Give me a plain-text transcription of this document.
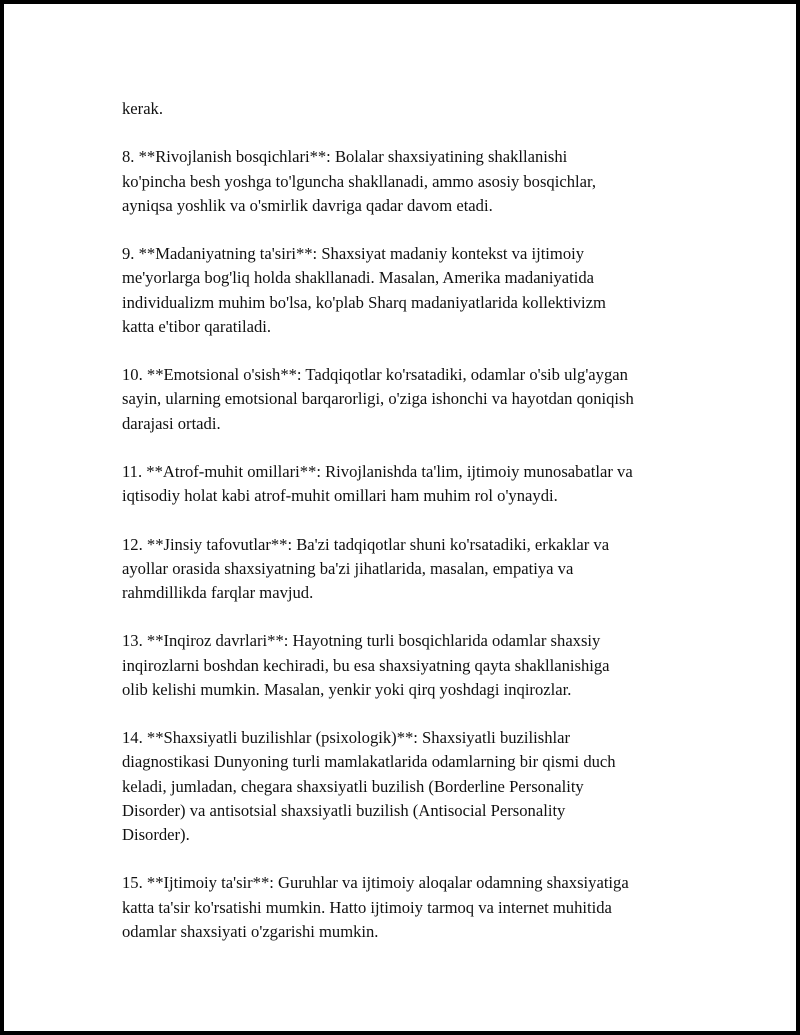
kerak.

8. **Rivojlanish bosqichlari**: Bolalar shaxsiyatining shakllanishi
ko'pincha besh yoshga to'lguncha shakllanadi, ammo asosiy bosqichlar,
ayniqsa yoshlik va o'smirlik davriga qadar davom etadi.

9. **Madaniyatning ta'siri**: Shaxsiyat madaniy kontekst va ijtimoiy
me'yorlarga bog'liq holda shakllanadi. Masalan, Amerika madaniyatida
individualizm muhim bo'lsa, ko'plab Sharq madaniyatlarida kollektivizm
katta e'tibor qaratiladi.

10. **Emotsional o'sish**: Tadqiqotlar ko'rsatadiki, odamlar o'sib ulg'aygan
sayin, ularning emotsional barqarorligi, o'ziga ishonchi va hayotdan qoniqish
darajasi ortadi.

11. **Atrof-muhit omillari**: Rivojlanishda ta'lim, ijtimoiy munosabatlar va
iqtisodiy holat kabi atrof-muhit omillari ham muhim rol o'ynaydi.

12. **Jinsiy tafovutlar**: Ba'zi tadqiqotlar shuni ko'rsatadiki, erkaklar va
ayollar orasida shaxsiyatning ba'zi jihatlarida, masalan, empatiya va
rahmdillikda farqlar mavjud.

13. **Inqiroz davrlari**: Hayotning turli bosqichlarida odamlar shaxsiy
inqirozlarni boshdan kechiradi, bu esa shaxsiyatning qayta shakllanishiga
olib kelishi mumkin. Masalan, yenkir yoki qirq yoshdagi inqirozlar.

14. **Shaxsiyatli buzilishlar (psixologik)**: Shaxsiyatli buzilishlar
diagnostikasi Dunyoning turli mamlakatlarida odamlarning bir qismi duch
keladi, jumladan, chegara shaxsiyatli buzilish (Borderline Personality
Disorder) va antisotsial shaxsiyatli buzilish (Antisocial Personality
Disorder).

15. **Ijtimoiy ta'sir**: Guruhlar va ijtimoiy aloqalar odamning shaxsiyatiga
katta ta'sir ko'rsatishi mumkin. Hatto ijtimoiy tarmoq va internet muhitida
odamlar shaxsiyati o'zgarishi mumkin.
